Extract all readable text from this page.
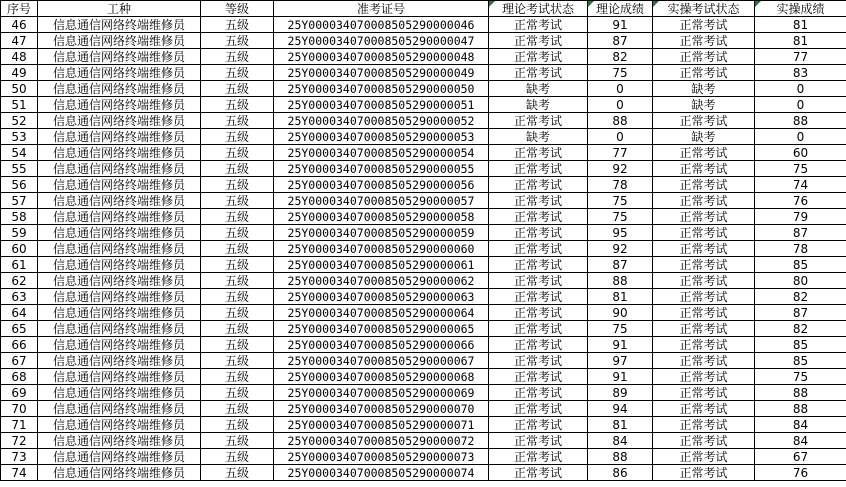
序号	工种	等级	准考证号	理论考试状态	理论成绩	实操考试状态	实操成绩
46	信息通信网络终端维修员	五级	25Y000034070008505290000046	正常考试	91	正常考试	81
47	信息通信网络终端维修员	五级	25Y000034070008505290000047	正常考试	87	正常考试	81
48	信息通信网络终端维修员	五级	25Y000034070008505290000048	正常考试	82	正常考试	77
49	信息通信网络终端维修员	五级	25Y000034070008505290000049	正常考试	75	正常考试	83
50	信息通信网络终端维修员	五级	25Y000034070008505290000050	缺考	0	缺考	0
51	信息通信网络终端维修员	五级	25Y000034070008505290000051	缺考	0	缺考	0
52	信息通信网络终端维修员	五级	25Y000034070008505290000052	正常考试	88	正常考试	88
53	信息通信网络终端维修员	五级	25Y000034070008505290000053	缺考	0	缺考	0
54	信息通信网络终端维修员	五级	25Y000034070008505290000054	正常考试	77	正常考试	60
55	信息通信网络终端维修员	五级	25Y000034070008505290000055	正常考试	92	正常考试	75
56	信息通信网络终端维修员	五级	25Y000034070008505290000056	正常考试	78	正常考试	74
57	信息通信网络终端维修员	五级	25Y000034070008505290000057	正常考试	75	正常考试	76
58	信息通信网络终端维修员	五级	25Y000034070008505290000058	正常考试	75	正常考试	79
59	信息通信网络终端维修员	五级	25Y000034070008505290000059	正常考试	95	正常考试	87
60	信息通信网络终端维修员	五级	25Y000034070008505290000060	正常考试	92	正常考试	78
61	信息通信网络终端维修员	五级	25Y000034070008505290000061	正常考试	87	正常考试	85
62	信息通信网络终端维修员	五级	25Y000034070008505290000062	正常考试	88	正常考试	80
63	信息通信网络终端维修员	五级	25Y000034070008505290000063	正常考试	81	正常考试	82
64	信息通信网络终端维修员	五级	25Y000034070008505290000064	正常考试	90	正常考试	87
65	信息通信网络终端维修员	五级	25Y000034070008505290000065	正常考试	75	正常考试	82
66	信息通信网络终端维修员	五级	25Y000034070008505290000066	正常考试	91	正常考试	85
67	信息通信网络终端维修员	五级	25Y000034070008505290000067	正常考试	97	正常考试	85
68	信息通信网络终端维修员	五级	25Y000034070008505290000068	正常考试	91	正常考试	75
69	信息通信网络终端维修员	五级	25Y000034070008505290000069	正常考试	89	正常考试	88
70	信息通信网络终端维修员	五级	25Y000034070008505290000070	正常考试	94	正常考试	88
71	信息通信网络终端维修员	五级	25Y000034070008505290000071	正常考试	81	正常考试	84
72	信息通信网络终端维修员	五级	25Y000034070008505290000072	正常考试	84	正常考试	84
73	信息通信网络终端维修员	五级	25Y000034070008505290000073	正常考试	88	正常考试	67
74	信息通信网络终端维修员	五级	25Y000034070008505290000074	正常考试	86	正常考试	76
